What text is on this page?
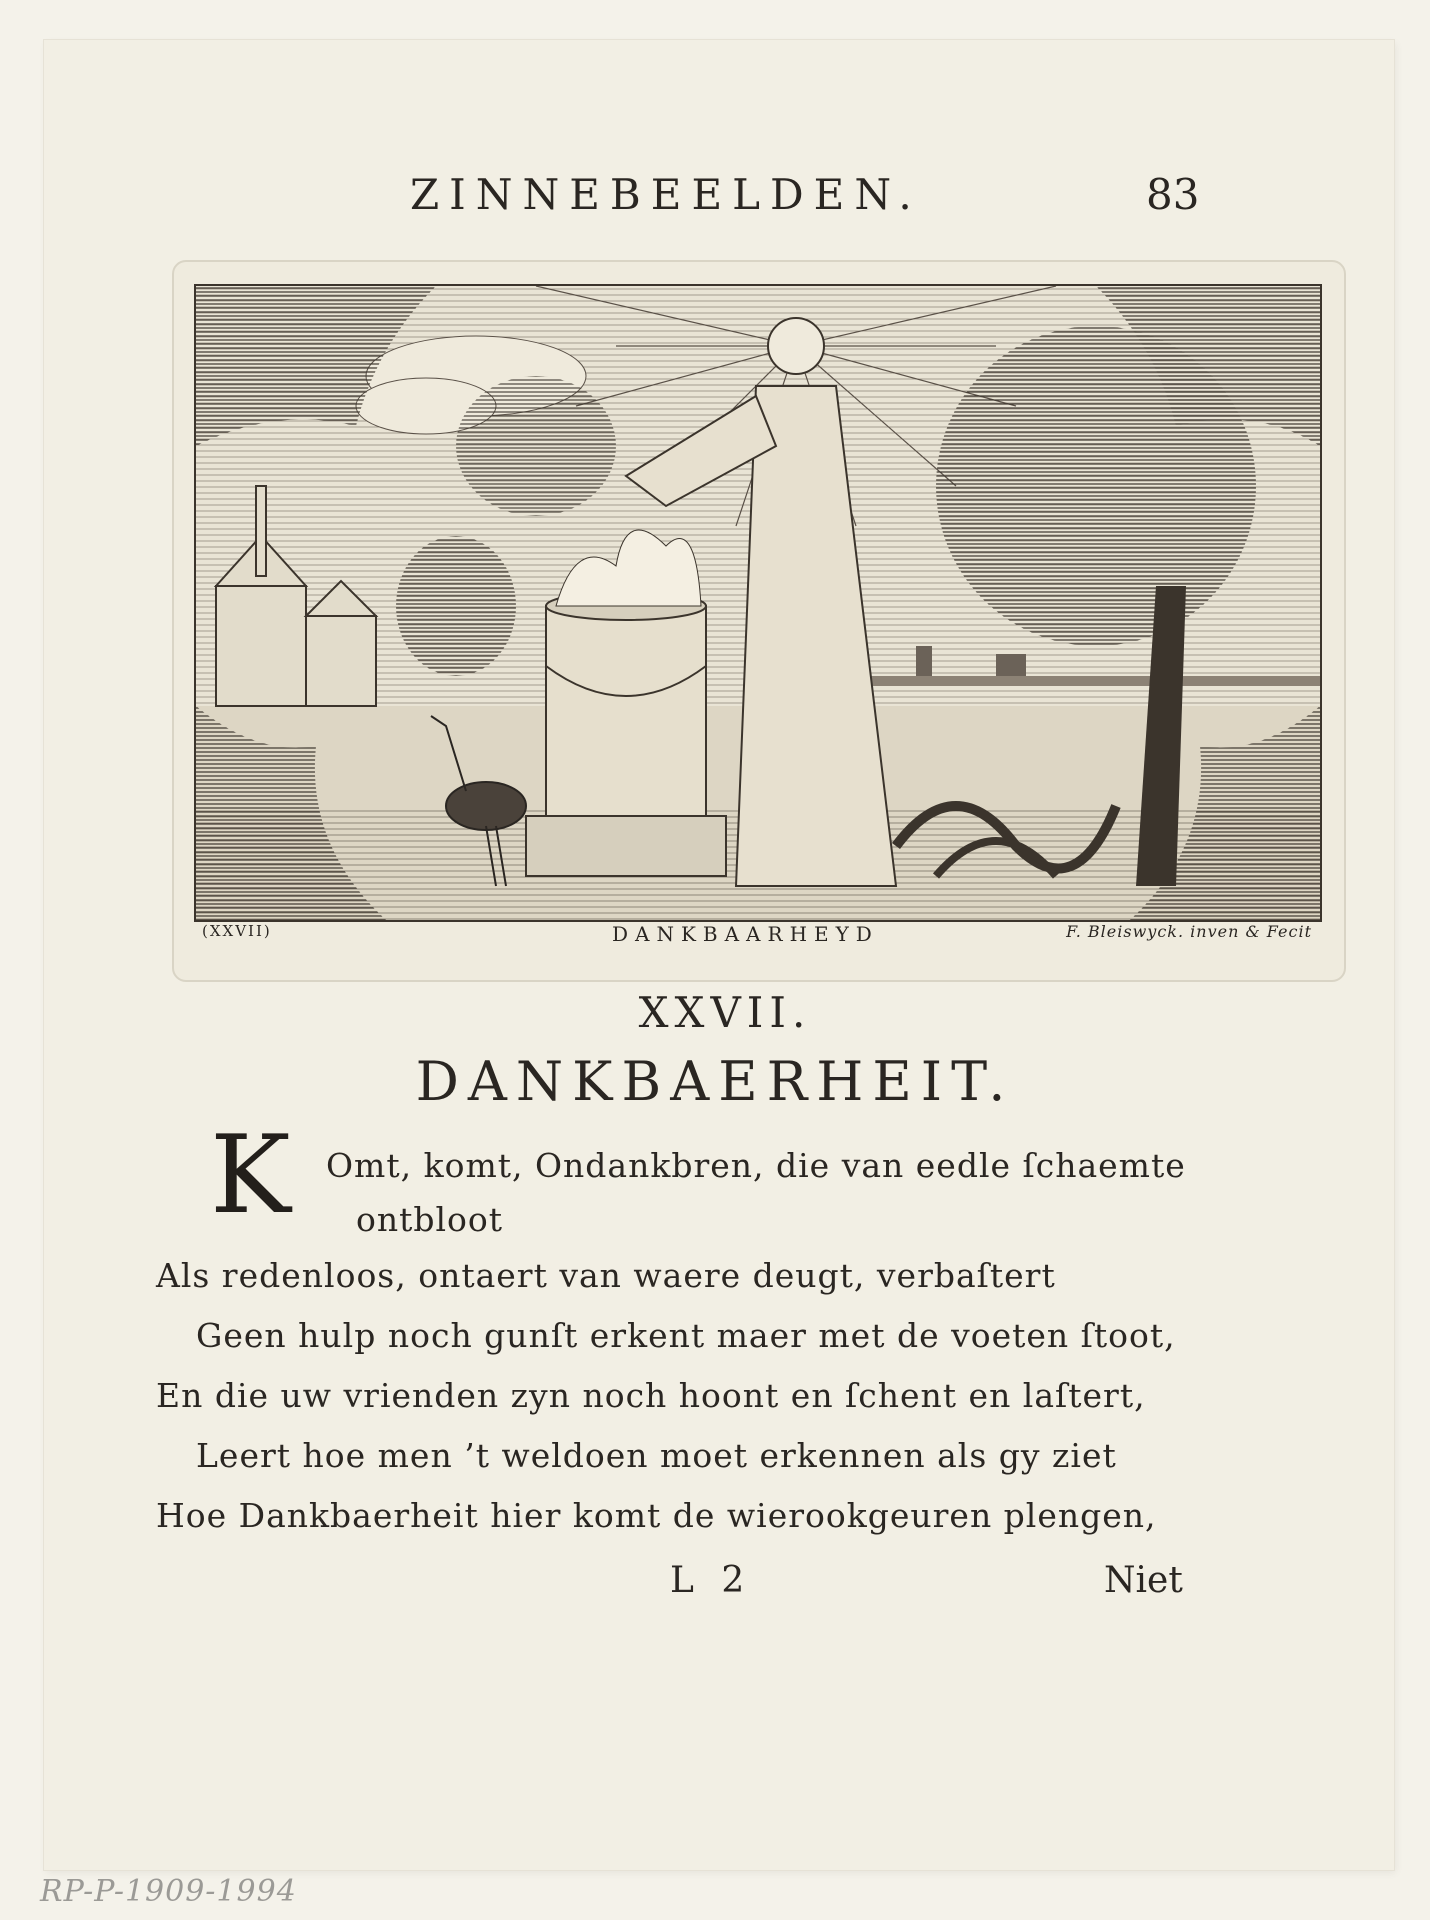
ZINNEBEELDEN.	83
(XXVII)	DANKBAARHEYD	F. Bleiswyck. inven & Fecit
XXVII.
DANKBAERHEIT.
K Omt, komt, Ondankbren, die van eedle ſchaemte
ontbloot
Als redenloos, ontaert van waere deugt, verbaſtert
Geen hulp noch gunſt erkent maer met de voeten ſtoot,
En die uw vrienden zyn noch hoont en ſchent en laſtert,
Leert hoe men ’t weldoen moet erkennen als gy ziet
Hoe Dankbaerheit hier komt de wierookgeuren plengen,
L 2	Niet
RP-P-1909-1994
